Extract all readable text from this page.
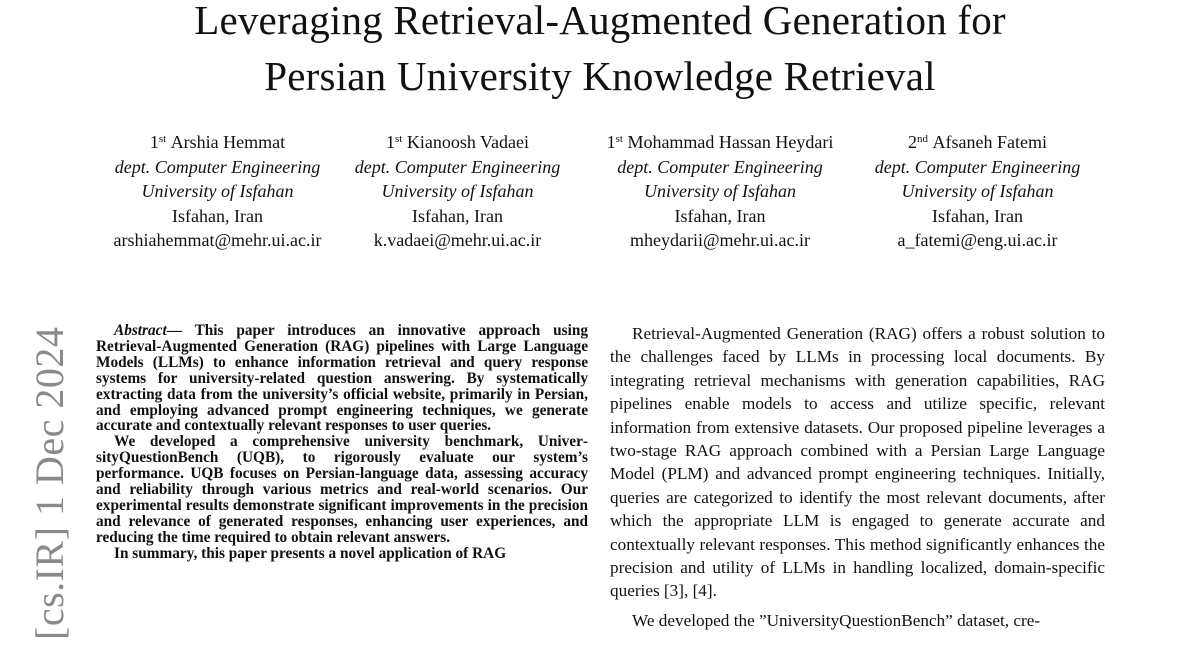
Leveraging Retrieval-Augmented Generation for
Persian University Knowledge Retrieval
1st Arshia Hemmat
dept. Computer Engineering
University of Isfahan
Isfahan, Iran
arshiahemmat@mehr.ui.ac.ir
1st Kianoosh Vadaei
dept. Computer Engineering
University of Isfahan
Isfahan, Iran
k.vadaei@mehr.ui.ac.ir
1st Mohammad Hassan Heydari
dept. Computer Engineering
University of Isfahan
Isfahan, Iran
mheydarii@mehr.ui.ac.ir
2nd Afsaneh Fatemi
dept. Computer Engineering
University of Isfahan
Isfahan, Iran
a_fatemi@eng.ui.ac.ir
[cs.IR] 1 Dec 2024	Abstract— This paper introduces an innovative approach using Retrieval-Augmented Generation (RAG) pipelines with Large Language Models (LLMs) to enhance information retrieval and query response systems for university-related question answering. By systematically extracting data from the university’s official website, primarily in Persian, and employing advanced prompt engineering techniques, we generate accurate and contextually relevant responses to user queries.

We developed a comprehensive university benchmark, UniversityQuestionBench (UQB), to rigorously evaluate our system’s performance. UQB focuses on Persian-language data, assessing accuracy and reliability through various metrics and real-world scenarios. Our experimental results demonstrate significant improvements in the precision and relevance of generated responses, enhancing user experiences, and reducing the time required to obtain relevant answers.

In summary, this paper presents a novel application of RAG

Retrieval-Augmented Generation (RAG) offers a robust solution to the challenges faced by LLMs in processing local documents. By integrating retrieval mechanisms with generation capabilities, RAG pipelines enable models to access and utilize specific, relevant information from extensive datasets. Our proposed pipeline leverages a two-stage RAG approach combined with a Persian Large Language Model (PLM) and advanced prompt engineering techniques. Initially, queries are categorized to identify the most relevant documents, after which the appropriate LLM is engaged to generate accurate and contextually relevant responses. This method significantly enhances the precision and utility of LLMs in handling localized, domain-specific queries [3], [4].

We developed the ”UniversityQuestionBench” dataset, cre-
